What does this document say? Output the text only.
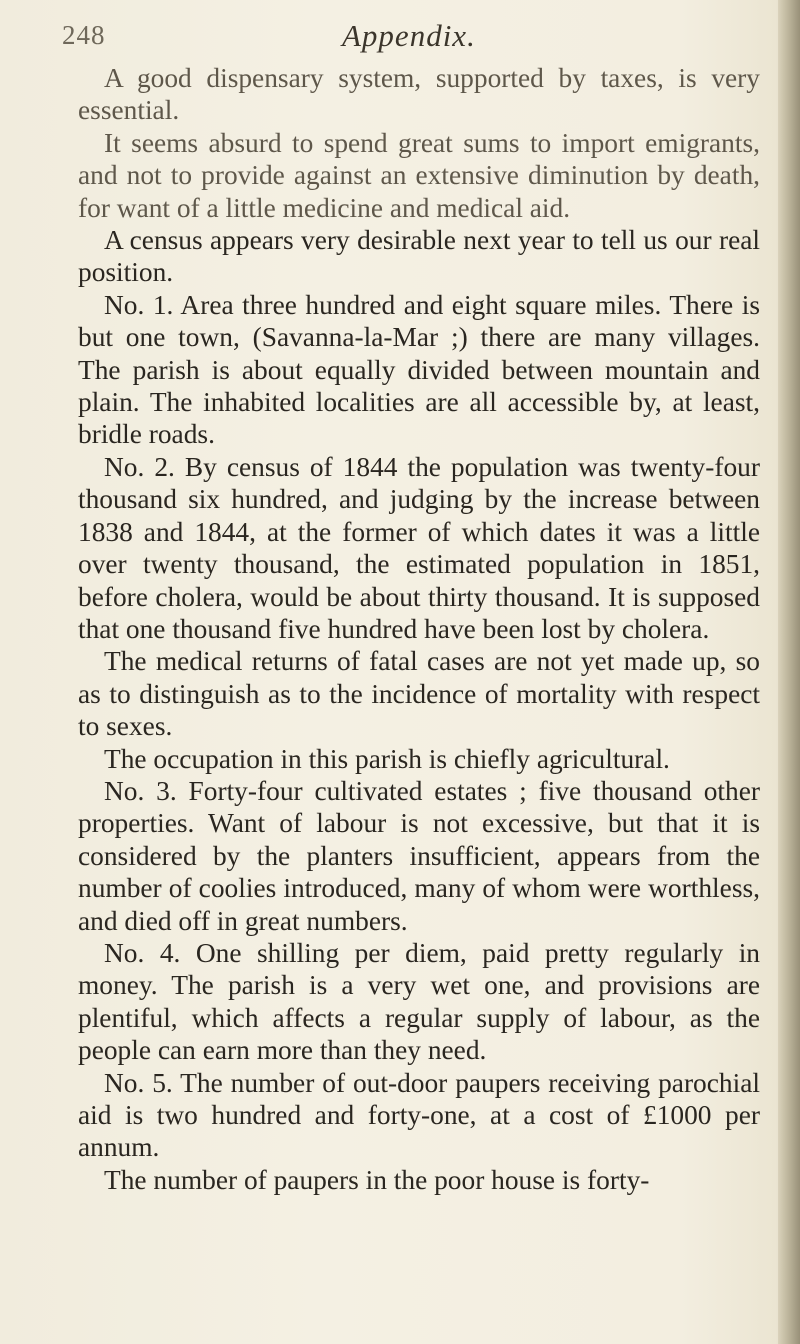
248	Appendix.

A good dispensary system, supported by taxes, is very essential.

It seems absurd to spend great sums to import emigrants, and not to provide against an extensive diminution by death, for want of a little medicine and medical aid.

A census appears very desirable next year to tell us our real position.

No. 1. Area three hundred and eight square miles. There is but one town, (Savanna-la-Mar ;) there are many villages. The parish is about equally divided between mountain and plain. The inhabited localities are all accessible by, at least, bridle roads.

No. 2. By census of 1844 the population was twenty-four thousand six hundred, and judging by the increase between 1838 and 1844, at the former of which dates it was a little over twenty thousand, the estimated population in 1851, before cholera, would be about thirty thousand. It is supposed that one thousand five hundred have been lost by cholera.

The medical returns of fatal cases are not yet made up, so as to distinguish as to the incidence of mortality with respect to sexes.

The occupation in this parish is chiefly agricultural.

No. 3. Forty-four cultivated estates ; five thousand other properties. Want of labour is not excessive, but that it is considered by the planters insufficient, appears from the number of coolies introduced, many of whom were worthless, and died off in great numbers.

No. 4. One shilling per diem, paid pretty regularly in money. The parish is a very wet one, and provisions are plentiful, which affects a regular supply of labour, as the people can earn more than they need.

No. 5. The number of out-door paupers receiving parochial aid is two hundred and forty-one, at a cost of £1000 per annum.

The number of paupers in the poor house is forty-
